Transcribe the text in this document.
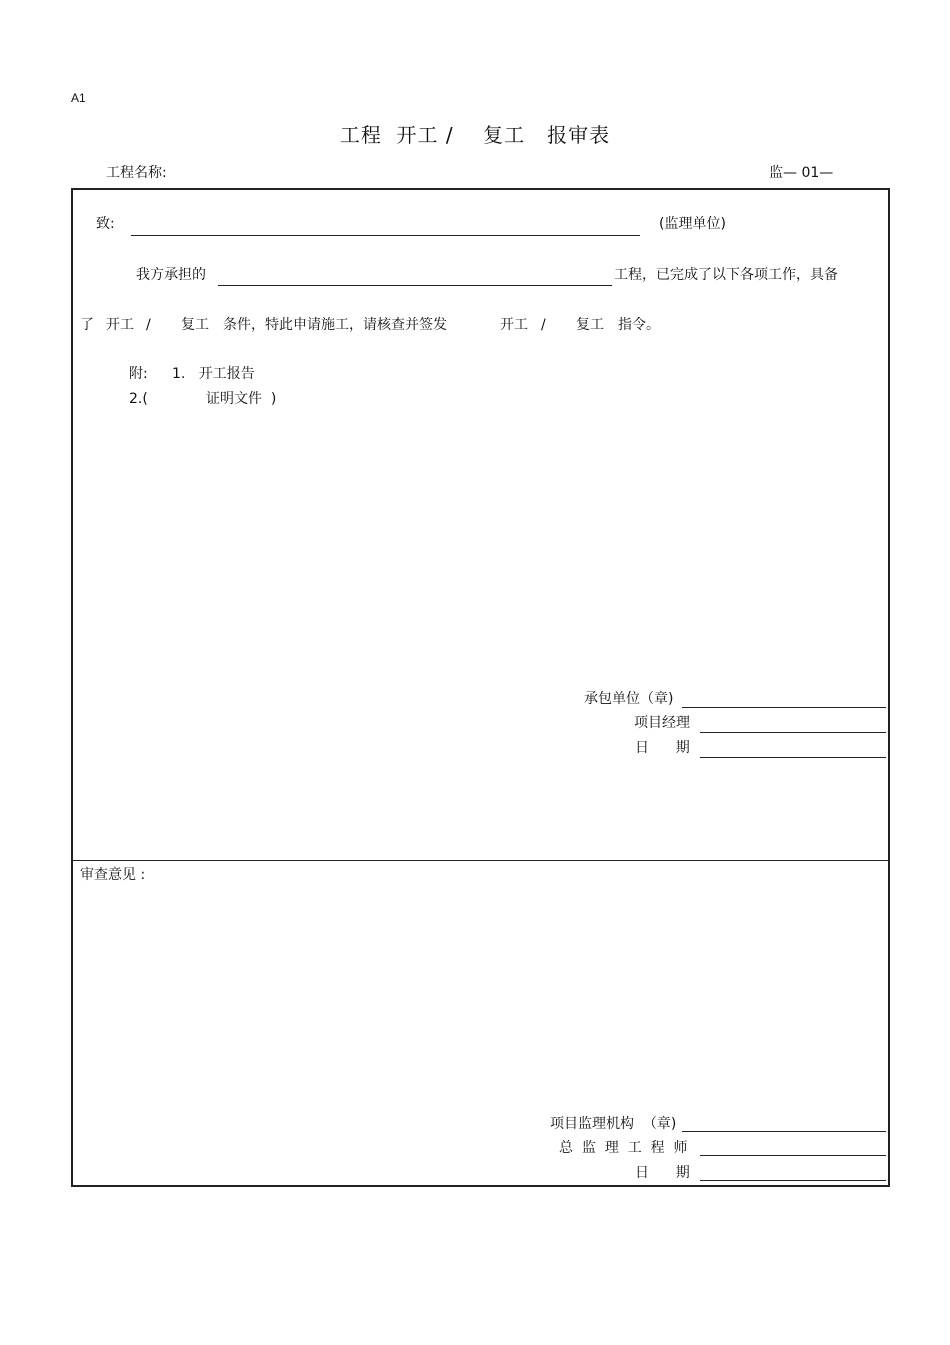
A1
工程  开工 /    复工   报审表
工程名称:	监— 01—
致:	(监理单位)
我方承担的	工程，已完成了以下各项工作，具备
了 开工 / 复工 条件，特此申请施工，请核查并签发	开工 / 复工 指令。
附: 1.   开工报告
2.(	证明文件  )
承包单位（章)
项目经理
日      期
审查意见 :
项目监理机构  （章)
总  监  理  工  程  师
日      期
